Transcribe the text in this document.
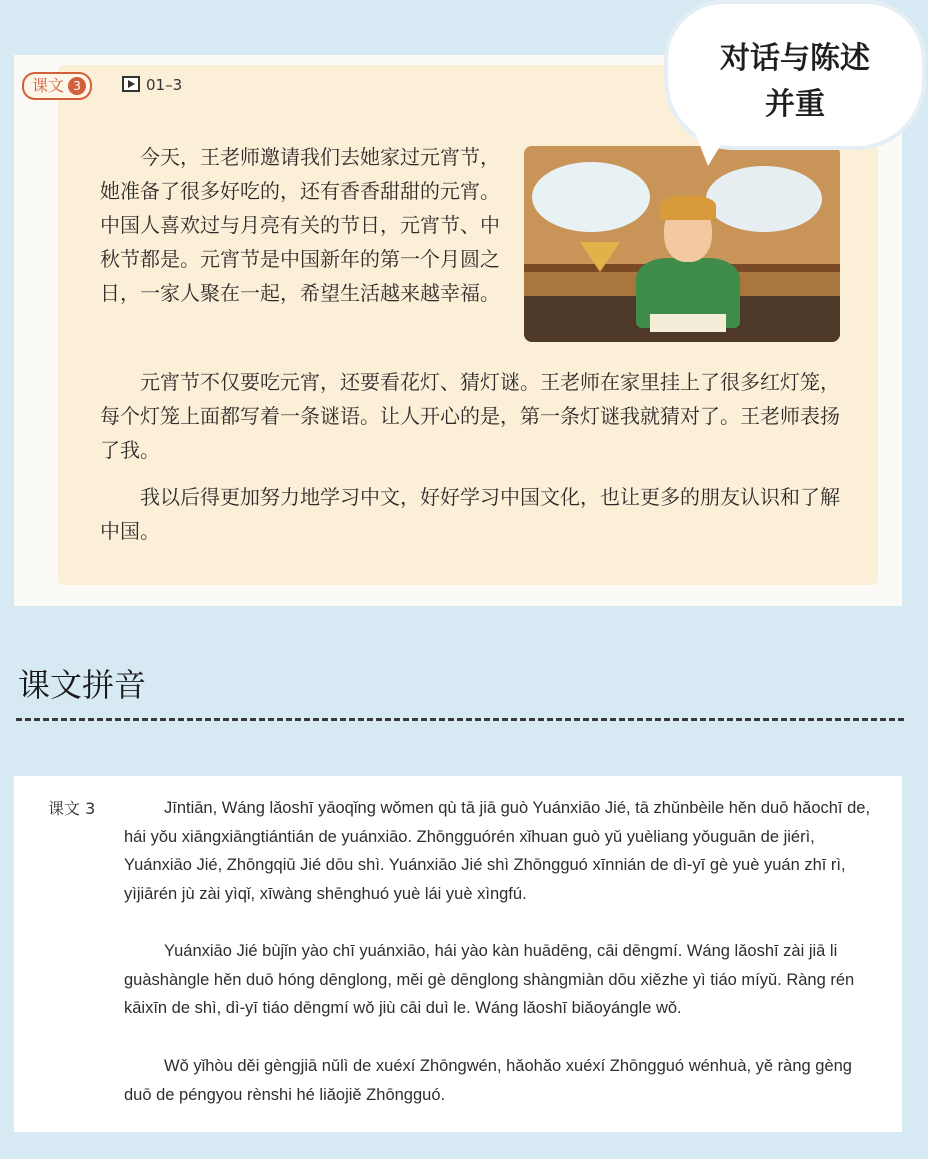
课文 3	01–3

今天，王老师邀请我们去她家过元宵节，她准备了很多好吃的，还有香香甜甜的元宵。中国人喜欢过与月亮有关的节日，元宵节、中秋节都是。元宵节是中国新年的第一个月圆之日，一家人聚在一起，希望生活越来越幸福。

元宵节不仅要吃元宵，还要看花灯、猜灯谜。王老师在家里挂上了很多红灯笼，每个灯笼上面都写着一条谜语。让人开心的是，第一条灯谜我就猜对了。王老师表扬了我。

我以后得更加努力地学习中文，好好学习中国文化，也让更多的朋友认识和了解中国。

对话与陈述
并重
课文拼音
课文 3	Jīntiān, Wáng lǎoshī yāoqǐng wǒmen qù tā jiā guò Yuánxiāo Jié, tā zhǔnbèile hěn duō hǎochī de, hái yǒu xiāngxiāngtiántián de yuánxiāo. Zhōngguórén xǐhuan guò yǔ yuèliang yǒuguān de jiérì, Yuánxiāo Jié, Zhōngqiū Jié dōu shì. Yuánxiāo Jié shì Zhōngguó xīnnián de dì-yī gè yuè yuán zhī rì, yìjiārén jù zài yìqǐ, xīwàng shēnghuó yuè lái yuè xìngfú.

Yuánxiāo Jié bùjǐn yào chī yuánxiāo, hái yào kàn huādēng, cāi dēngmí. Wáng lǎoshī zài jiā li guàshàngle hěn duō hóng dēnglong, měi gè dēnglong shàngmiàn dōu xiězhe yì tiáo míyǔ. Ràng rén kāixīn de shì, dì-yī tiáo dēngmí wǒ jiù cāi duì le. Wáng lǎoshī biǎoyángle wǒ.

Wǒ yǐhòu děi gèngjiā nǔlì de xuéxí Zhōngwén, hǎohǎo xuéxí Zhōngguó wénhuà, yě ràng gèng duō de péngyou rènshi hé liǎojiě Zhōngguó.
